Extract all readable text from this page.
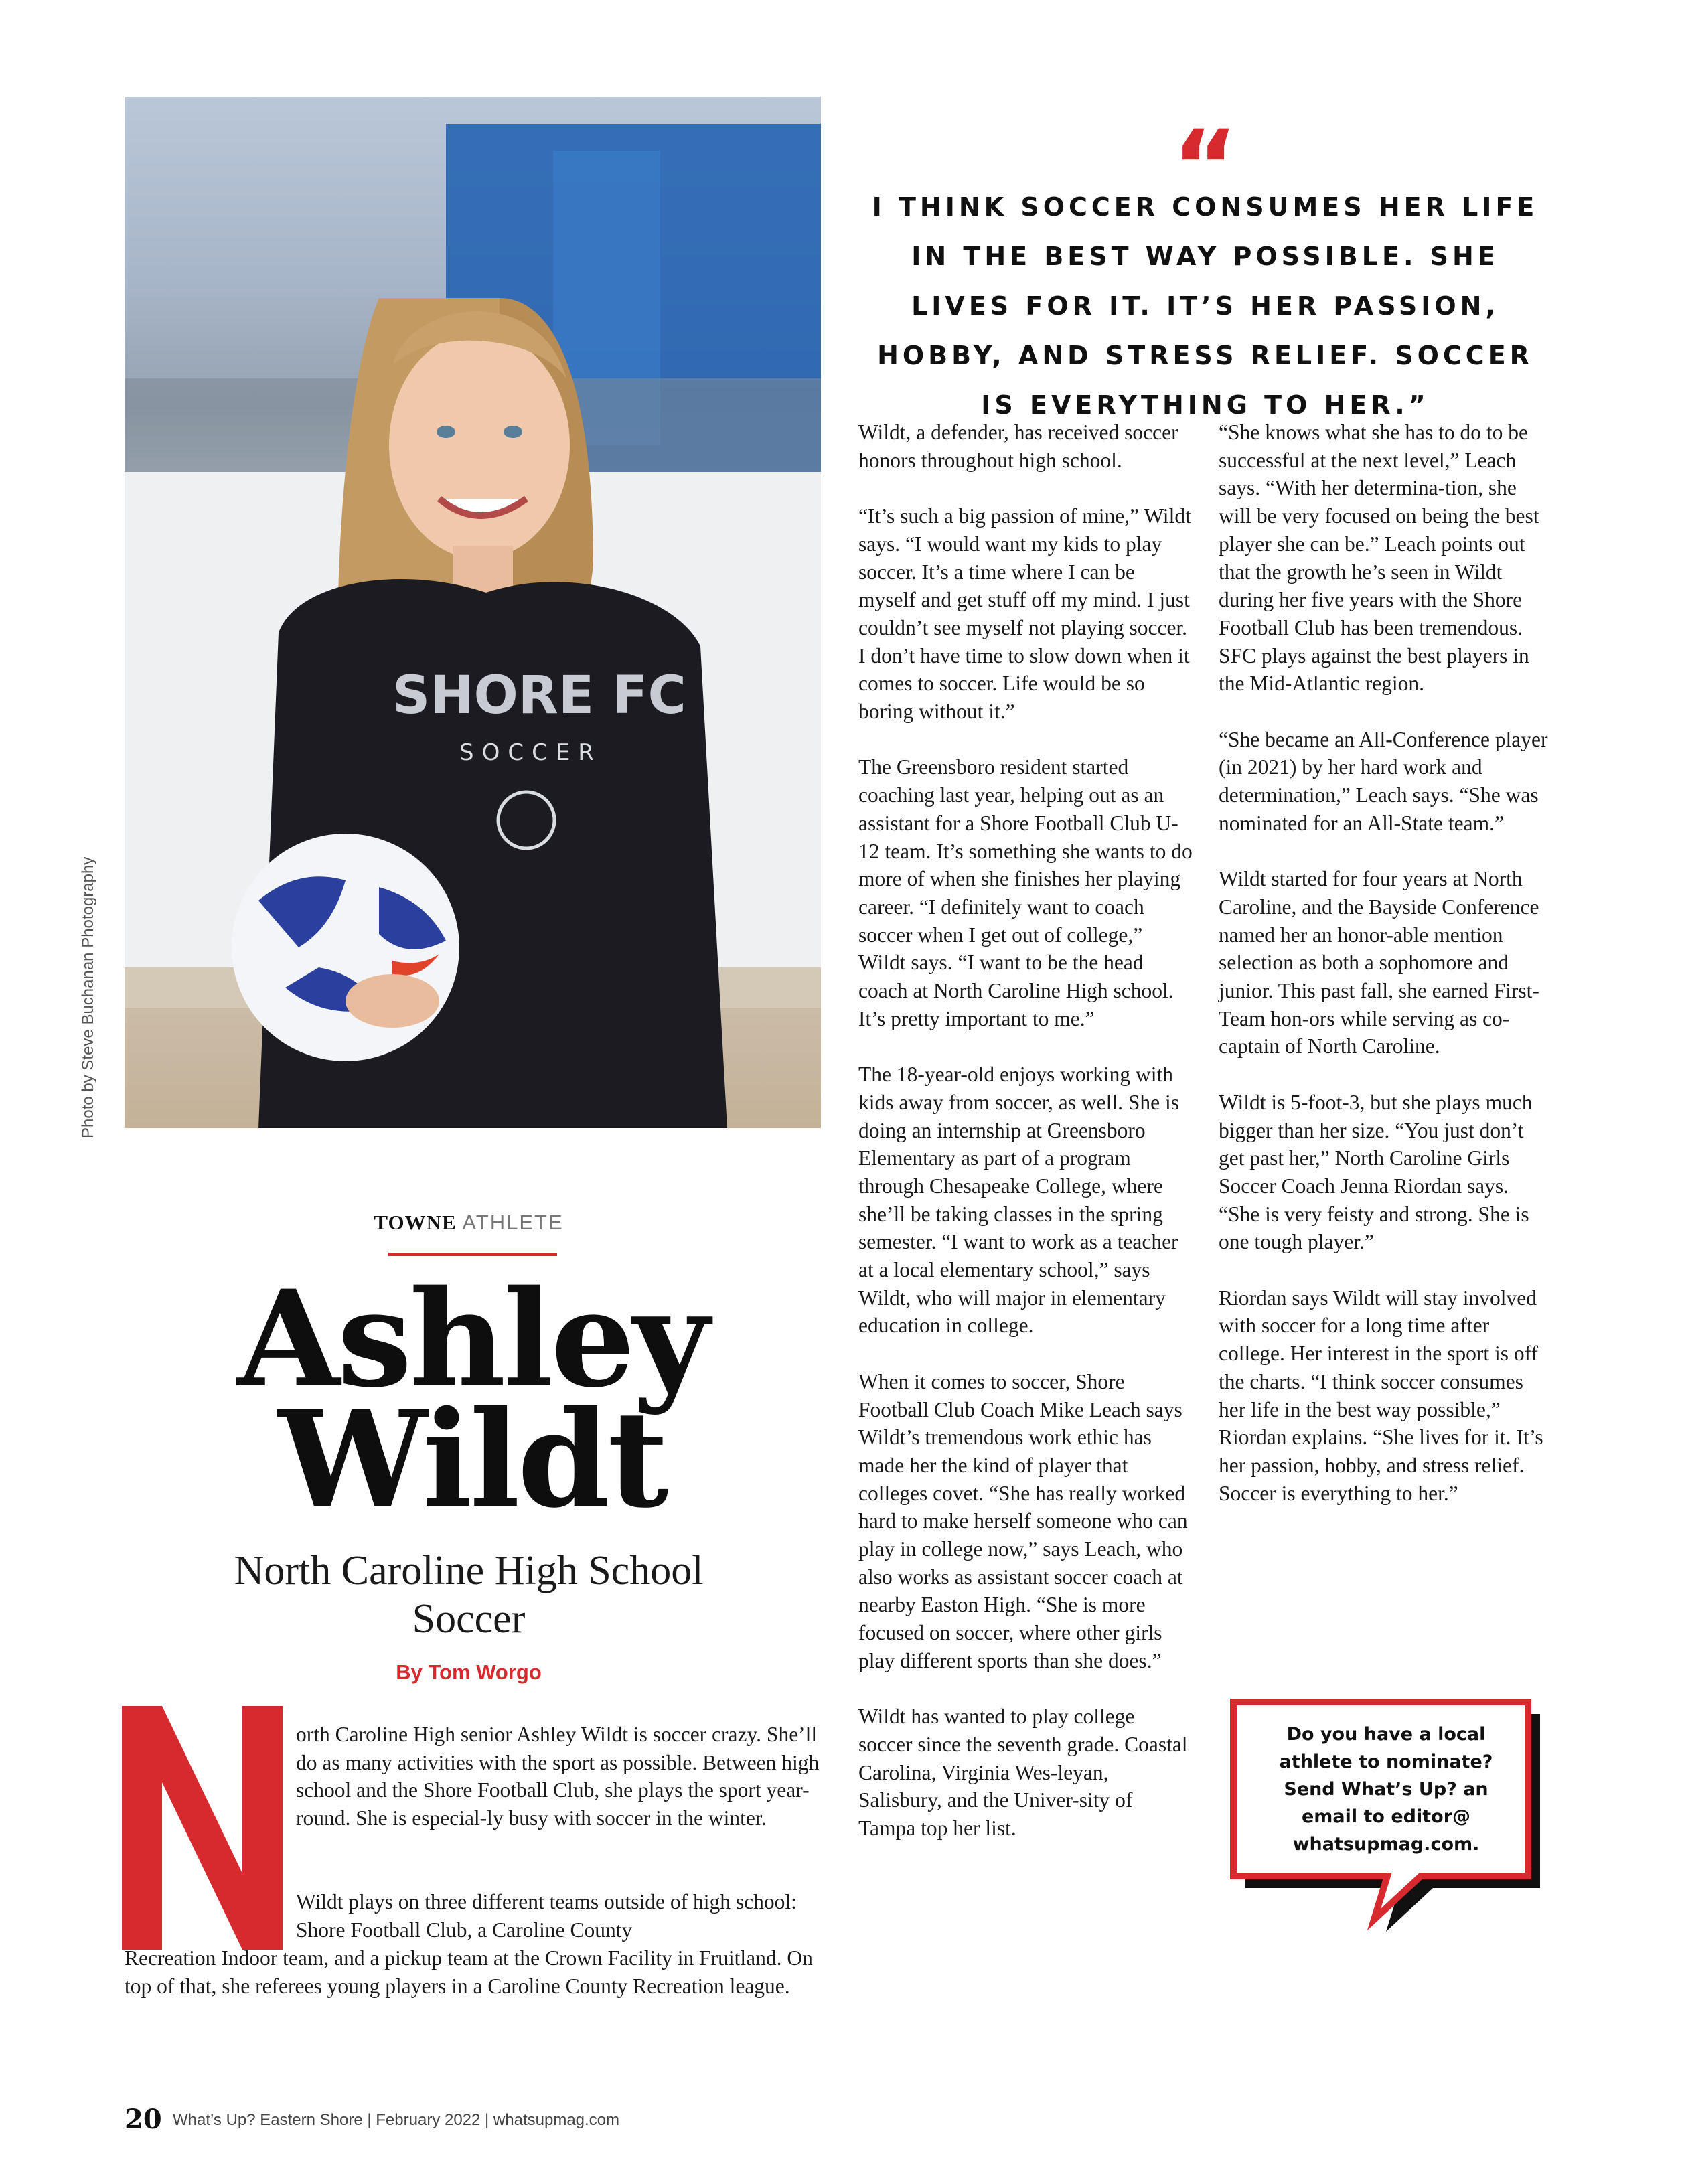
SHORE FC
SOCCER
Photo by Steve Buchanan Photography
“
I THINK SOCCER CONSUMES HER LIFE IN THE BEST WAY POSSIBLE. SHE LIVES FOR IT. IT’S HER PASSION, HOBBY, AND STRESS RELIEF. SOCCER IS EVERYTHING TO HER.”
TOWNE ATHLETE
Ashley
Wildt
North Caroline High School
Soccer
By Tom Worgo
orth Caroline High senior Ashley Wildt is soccer crazy. She’ll do as many activities with the sport as possible. Between high school and the Shore Football Club, she plays the sport year-round. She is especial-ly busy with soccer in the winter.
Wildt plays on three different teams outside of high school: Shore Football Club, a Caroline County
Recreation Indoor team, and a pickup team at the Crown Facility in Fruitland. On top of that, she referees young players in a Caroline County Recreation league.

Wildt, a defender, has received soccer honors throughout high school.

“It’s such a big passion of mine,” Wildt says. “I would want my kids to play soccer. It’s a time where I can be myself and get stuff off my mind. I just couldn’t see myself not playing soccer. I don’t have time to slow down when it comes to soccer. Life would be so boring without it.”

The Greensboro resident started coaching last year, helping out as an assistant for a Shore Football Club U-12 team. It’s something she wants to do more of when she finishes her playing career. “I definitely want to coach soccer when I get out of college,” Wildt says. “I want to be the head coach at North Caroline High school. It’s pretty important to me.”

The 18-year-old enjoys working with kids away from soccer, as well. She is doing an internship at Greensboro Elementary as part of a program through Chesapeake College, where she’ll be taking classes in the spring semester. “I want to work as a teacher at a local elementary school,” says Wildt, who will major in elementary education in college.

When it comes to soccer, Shore Football Club Coach Mike Leach says Wildt’s tremendous work ethic has made her the kind of player that colleges covet. “She has really worked hard to make herself someone who can play in college now,” says Leach, who also works as assistant soccer coach at nearby Easton High. “She is more focused on soccer, where other girls play different sports than she does.”

Wildt has wanted to play college soccer since the seventh grade. Coastal Carolina, Virginia Wes-leyan, Salisbury, and the Univer-sity of Tampa top her list.

“She knows what she has to do to be successful at the next level,” Leach says. “With her determina-tion, she will be very focused on being the best player she can be.” Leach points out that the growth he’s seen in Wildt during her five years with the Shore Football Club has been tremendous. SFC plays against the best players in the Mid-Atlantic region.

“She became an All-Conference player (in 2021) by her hard work and determination,” Leach says. “She was nominated for an All-State team.”

Wildt started for four years at North Caroline, and the Bayside Conference named her an honor-able mention selection as both a sophomore and junior. This past fall, she earned First-Team hon-ors while serving as co-captain of North Caroline.

Wildt is 5-foot-3, but she plays much bigger than her size. “You just don’t get past her,” North Caroline Girls Soccer Coach Jenna Riordan says. “She is very feisty and strong. She is one tough player.”

Riordan says Wildt will stay involved with soccer for a long time after college. Her interest in the sport is off the charts. “I think soccer consumes her life in the best way possible,” Riordan explains. “She lives for it. It’s her passion, hobby, and stress relief. Soccer is everything to her.”

Do you have a local athlete to nominate? Send What’s Up? an email to editor@ whatsupmag.com.
20 What’s Up? Eastern Shore | February 2022 | whatsupmag.com
